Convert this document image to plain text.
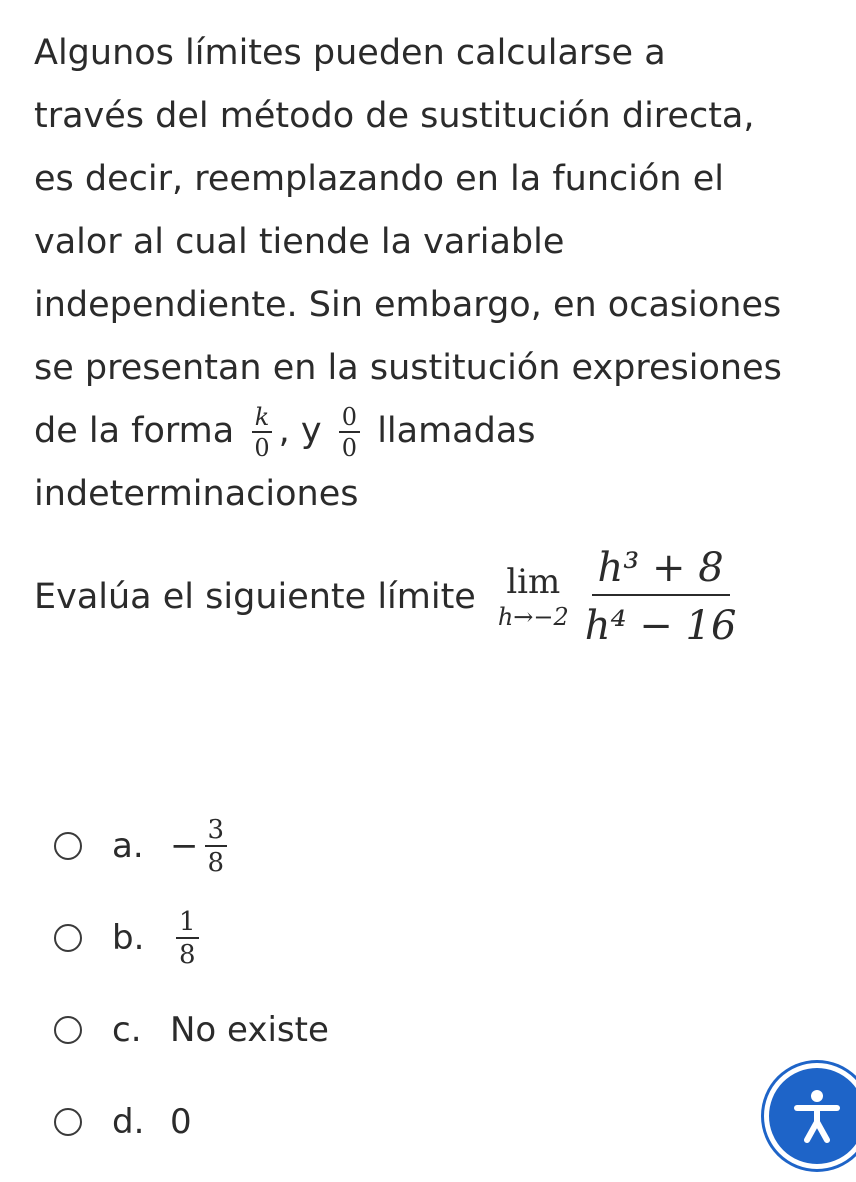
Algunos límites pueden calcularse a
través del método de sustitución directa,
es decir, reemplazando en la función el
valor al cual tiende la variable
independiente. Sin embargo, en ocasiones
se presentan en la sustitución expresiones
de la forma $\frac{k}{0}$ , y $\frac{0}{0}$ llamadas
indeterminaciones

Evalúa el siguiente límite lim
$h\to-2 \frac{\text{h³ + 8}}{\text{h⁴ − 16}}$
a. − $\frac{3}{8}$
b.	$\frac{1}{8}$
c. No existe
d. 0
